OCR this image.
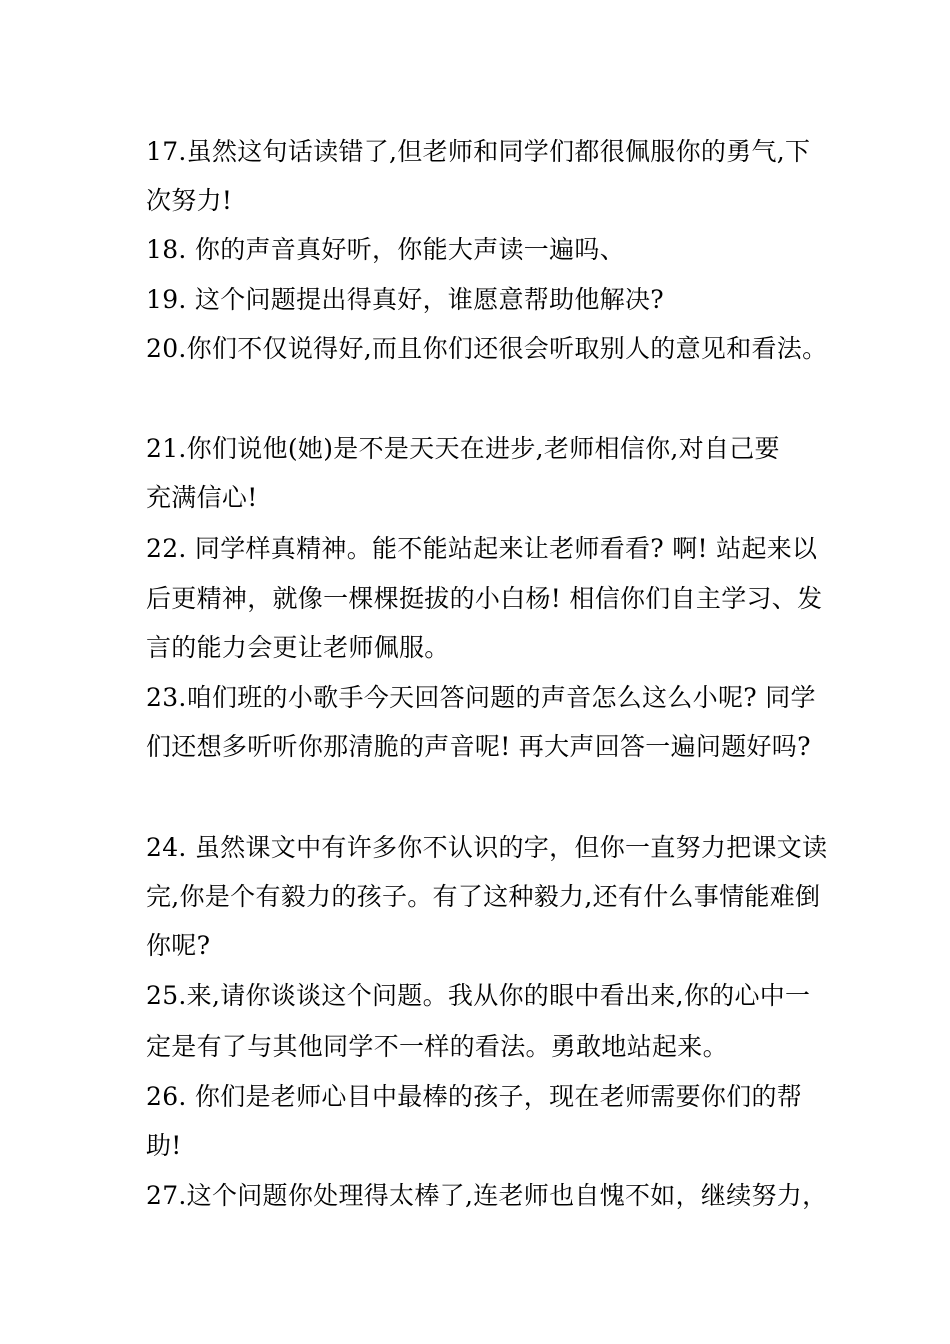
17.虽然这句话读错了,但老师和同学们都很佩服你的勇气,下
次努力!
18. 你的声音真好听，你能大声读一遍吗、
19. 这个问题提出得真好，谁愿意帮助他解决?
20.你们不仅说得好,而且你们还很会听取别人的意见和看法。
21.你们说他(她)是不是天天在进步,老师相信你,对自己要
充满信心!
22. 同学样真精神。能不能站起来让老师看看? 啊! 站起来以
后更精神，就像一棵棵挺拔的小白杨! 相信你们自主学习、发
言的能力会更让老师佩服。
23.咱们班的小歌手今天回答问题的声音怎么这么小呢? 同学
们还想多听听你那清脆的声音呢! 再大声回答一遍问题好吗?
24. 虽然课文中有许多你不认识的字，但你一直努力把课文读
完,你是个有毅力的孩子。有了这种毅力,还有什么事情能难倒
你呢?
25.来,请你谈谈这个问题。我从你的眼中看出来,你的心中一
定是有了与其他同学不一样的看法。勇敢地站起来。
26. 你们是老师心目中最棒的孩子，现在老师需要你们的帮
助!
27.这个问题你处理得太棒了,连老师也自愧不如，继续努力，
